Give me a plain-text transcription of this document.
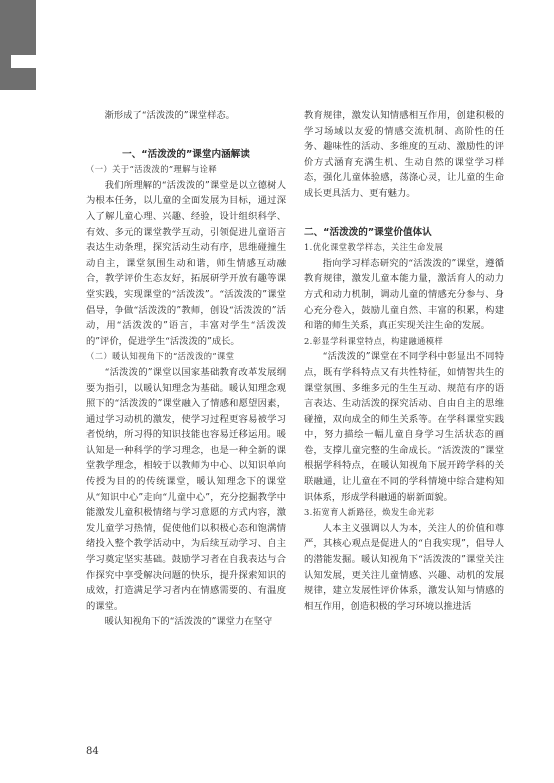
渐形成了“活泼泼的”课堂样态。

一、“活泼泼的”课堂内涵解读

（一）关于“活泼泼的”理解与诠释

我们所理解的“活泼泼的”课堂是以立德树人为根本任务，以儿童的全面发展为目标，通过深入了解儿童心理、兴趣、经验，设计组织科学、有效、多元的课堂教学互动，引领促进儿童语言表达生动条理，探究活动生动有序，思维碰撞生动自主，课堂氛围生动和谐，师生情感互动融合，教学评价生态友好，拓展研学开放有趣等课堂实践，实现课堂的“活泼泼”。“活泼泼的”课堂倡导，争做“活泼泼的”教师，创设“活泼泼的”活动，用“活泼泼的”语言，丰富对学生“活泼泼的”评价，促进学生“活泼泼的”成长。

（二）暖认知视角下的“活泼泼的”课堂

“活泼泼的”课堂以国家基础教育改革发展纲要为指引，以暖认知理念为基础。暖认知理念观照下的“活泼泼的”课堂融入了情感和愿望因素，通过学习动机的激发，使学习过程更容易被学习者悦纳，所习得的知识技能也容易迁移运用。暖认知是一种科学的学习理念，也是一种全新的课堂教学理念，相较于以教师为中心、以知识单向传授为目的的传统课堂，暖认知理念下的课堂从“知识中心”走向“儿童中心”，充分挖掘教学中能激发儿童积极情绪与学习意愿的方式内容，激发儿童学习热情，促使他们以积极心态和饱满情绪投入整个教学活动中，为后续互动学习、自主学习奠定坚实基础。鼓励学习者在自我表达与合作探究中享受解决问题的快乐，提升探索知识的成效，打造满足学习者内在情感需要的、有温度的课堂。

暖认知视角下的“活泼泼的”课堂力在坚守

教育规律，激发认知情感相互作用，创建积极的学习场域以友爱的情感交流机制、高阶性的任务、趣味性的活动、多维度的互动、激励性的评价方式涵育充满生机、生动自然的课堂学习样态，强化儿童体验感，荡涤心灵，让儿童的生命成长更具活力、更有魅力。

二、“活泼泼的”课堂价值体认

1.优化课堂教学样态，关注生命发展

指向学习样态研究的“活泼泼的”课堂，遵循教育规律，激发儿童本能力量，激活育人的动力方式和动力机制，调动儿童的情感充分参与、身心充分卷入，鼓励儿童自然、丰富的积累，构建和谐的师生关系，真正实现关注生命的发展。

2.彰显学科课堂特点，构建融通模样

“活泼泼的”课堂在不同学科中彰显出不同特点，既有学科特点又有共性特征，如情智共生的课堂氛围、多维多元的生生互动、规范有序的语言表达、生动活泼的探究活动、自由自主的思维碰撞，双向成全的师生关系等。在学科课堂实践中，努力描绘一幅儿童自身学习生活状态的画卷，支撑儿童完整的生命成长。“活泼泼的”课堂根据学科特点，在暖认知视角下展开跨学科的关联融通，让儿童在不同的学科情境中综合建构知识体系，形成学科融通的崭新面貌。

3.拓宽育人新路径，焕发生命光彩

人本主义强调以人为本，关注人的价值和尊严，其核心观点是促进人的“自我实现”，倡导人的潜能发掘。暖认知视角下“活泼泼的”课堂关注认知发展，更关注儿童情感、兴趣、动机的发展规律，建立发展性评价体系，激发认知与情感的相互作用，创造积极的学习环境以推进活

84
